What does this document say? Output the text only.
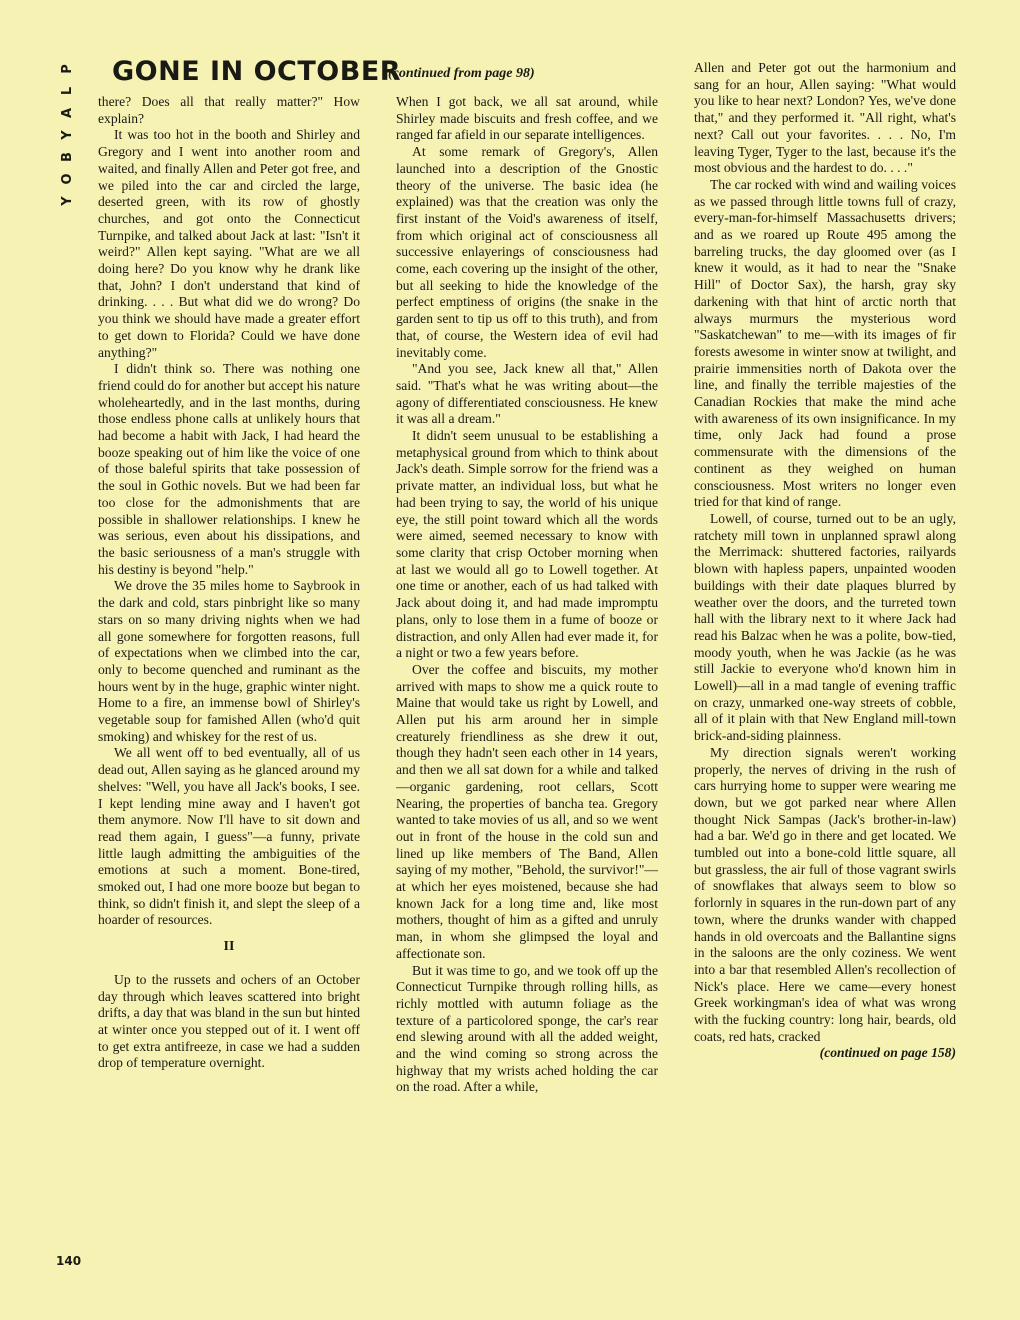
P
L
A
Y
B
O
Y
GONE IN OCTOBER
(continued from page 98)

there? Does all that really matter?" How explain?

It was too hot in the booth and Shirley and Gregory and I went into another room and waited, and finally Allen and Peter got free, and we piled into the car and circled the large, deserted green, with its row of ghostly churches, and got onto the Connecticut Turnpike, and talked about Jack at last: "Isn't it weird?" Allen kept saying. "What are we all doing here? Do you know why he drank like that, John? I don't understand that kind of drinking. . . . But what did we do wrong? Do you think we should have made a greater effort to get down to Florida? Could we have done anything?"

I didn't think so. There was nothing one friend could do for another but accept his nature wholeheartedly, and in the last months, during those endless phone calls at unlikely hours that had become a habit with Jack, I had heard the booze speaking out of him like the voice of one of those baleful spirits that take possession of the soul in Gothic novels. But we had been far too close for the admonishments that are possible in shallower relationships. I knew he was serious, even about his dissipations, and the basic seriousness of a man's struggle with his destiny is beyond "help."

We drove the 35 miles home to Saybrook in the dark and cold, stars pinbright like so many stars on so many driving nights when we had all gone somewhere for forgotten reasons, full of expectations when we climbed into the car, only to become quenched and ruminant as the hours went by in the huge, graphic winter night. Home to a fire, an immense bowl of Shirley's vegetable soup for famished Allen (who'd quit smoking) and whiskey for the rest of us.

We all went off to bed eventually, all of us dead out, Allen saying as he glanced around my shelves: "Well, you have all Jack's books, I see. I kept lending mine away and I haven't got them anymore. Now I'll have to sit down and read them again, I guess"—a funny, private little laugh admitting the ambiguities of the emotions at such a moment. Bone-tired, smoked out, I had one more booze but began to think, so didn't finish it, and slept the sleep of a hoarder of resources.

II

Up to the russets and ochers of an October day through which leaves scattered into bright drifts, a day that was bland in the sun but hinted at winter once you stepped out of it. I went off to get extra antifreeze, in case we had a sudden drop of temperature overnight.

When I got back, we all sat around, while Shirley made biscuits and fresh coffee, and we ranged far afield in our separate intelligences.

At some remark of Gregory's, Allen launched into a description of the Gnostic theory of the universe. The basic idea (he explained) was that the creation was only the first instant of the Void's awareness of itself, from which original act of consciousness all successive enlayerings of consciousness had come, each covering up the insight of the other, but all seeking to hide the knowledge of the perfect emptiness of origins (the snake in the garden sent to tip us off to this truth), and from that, of course, the Western idea of evil had inevitably come.

"And you see, Jack knew all that," Allen said. "That's what he was writing about—the agony of differentiated consciousness. He knew it was all a dream."

It didn't seem unusual to be establishing a metaphysical ground from which to think about Jack's death. Simple sorrow for the friend was a private matter, an individual loss, but what he had been trying to say, the world of his unique eye, the still point toward which all the words were aimed, seemed necessary to know with some clarity that crisp October morning when at last we would all go to Lowell together. At one time or another, each of us had talked with Jack about doing it, and had made impromptu plans, only to lose them in a fume of booze or distraction, and only Allen had ever made it, for a night or two a few years before.

Over the coffee and biscuits, my mother arrived with maps to show me a quick route to Maine that would take us right by Lowell, and Allen put his arm around her in simple creaturely friendliness as she drew it out, though they hadn't seen each other in 14 years, and then we all sat down for a while and talked—organic gardening, root cellars, Scott Nearing, the properties of bancha tea. Gregory wanted to take movies of us all, and so we went out in front of the house in the cold sun and lined up like members of The Band, Allen saying of my mother, "Behold, the survivor!"—at which her eyes moistened, because she had known Jack for a long time and, like most mothers, thought of him as a gifted and unruly man, in whom she glimpsed the loyal and affectionate son.

But it was time to go, and we took off up the Connecticut Turnpike through rolling hills, as richly mottled with autumn foliage as the texture of a particolored sponge, the car's rear end slewing around with all the added weight, and the wind coming so strong across the highway that my wrists ached holding the car on the road. After a while,

Allen and Peter got out the harmonium and sang for an hour, Allen saying: "What would you like to hear next? London? Yes, we've done that," and they performed it. "All right, what's next? Call out your favorites. . . . No, I'm leaving Tyger, Tyger to the last, because it's the most obvious and the hardest to do. . . ."

The car rocked with wind and wailing voices as we passed through little towns full of crazy, every-man-for-himself Massachusetts drivers; and as we roared up Route 495 among the barreling trucks, the day gloomed over (as I knew it would, as it had to near the "Snake Hill" of Doctor Sax), the harsh, gray sky darkening with that hint of arctic north that always murmurs the mysterious word "Saskatchewan" to me—with its images of fir forests awesome in winter snow at twilight, and prairie immensities north of Dakota over the line, and finally the terrible majesties of the Canadian Rockies that make the mind ache with awareness of its own insignificance. In my time, only Jack had found a prose commensurate with the dimensions of the continent as they weighed on human consciousness. Most writers no longer even tried for that kind of range.

Lowell, of course, turned out to be an ugly, ratchety mill town in unplanned sprawl along the Merrimack: shuttered factories, railyards blown with hapless papers, unpainted wooden buildings with their date plaques blurred by weather over the doors, and the turreted town hall with the library next to it where Jack had read his Balzac when he was a polite, bow-tied, moody youth, when he was Jackie (as he was still Jackie to everyone who'd known him in Lowell)—all in a mad tangle of evening traffic on crazy, unmarked one-way streets of cobble, all of it plain with that New England mill-town brick-and-siding plainness.

My direction signals weren't working properly, the nerves of driving in the rush of cars hurrying home to supper were wearing me down, but we got parked near where Allen thought Nick Sampas (Jack's brother-in-law) had a bar. We'd go in there and get located. We tumbled out into a bone-cold little square, all but grassless, the air full of those vagrant swirls of snowflakes that always seem to blow so forlornly in squares in the run-down part of any town, where the drunks wander with chapped hands in old overcoats and the Ballantine signs in the saloons are the only coziness. We went into a bar that resembled Allen's recollection of Nick's place. Here we came—every honest Greek workingman's idea of what was wrong with the fucking country: long hair, beards, old coats, red hats, cracked

(continued on page 158)
140
